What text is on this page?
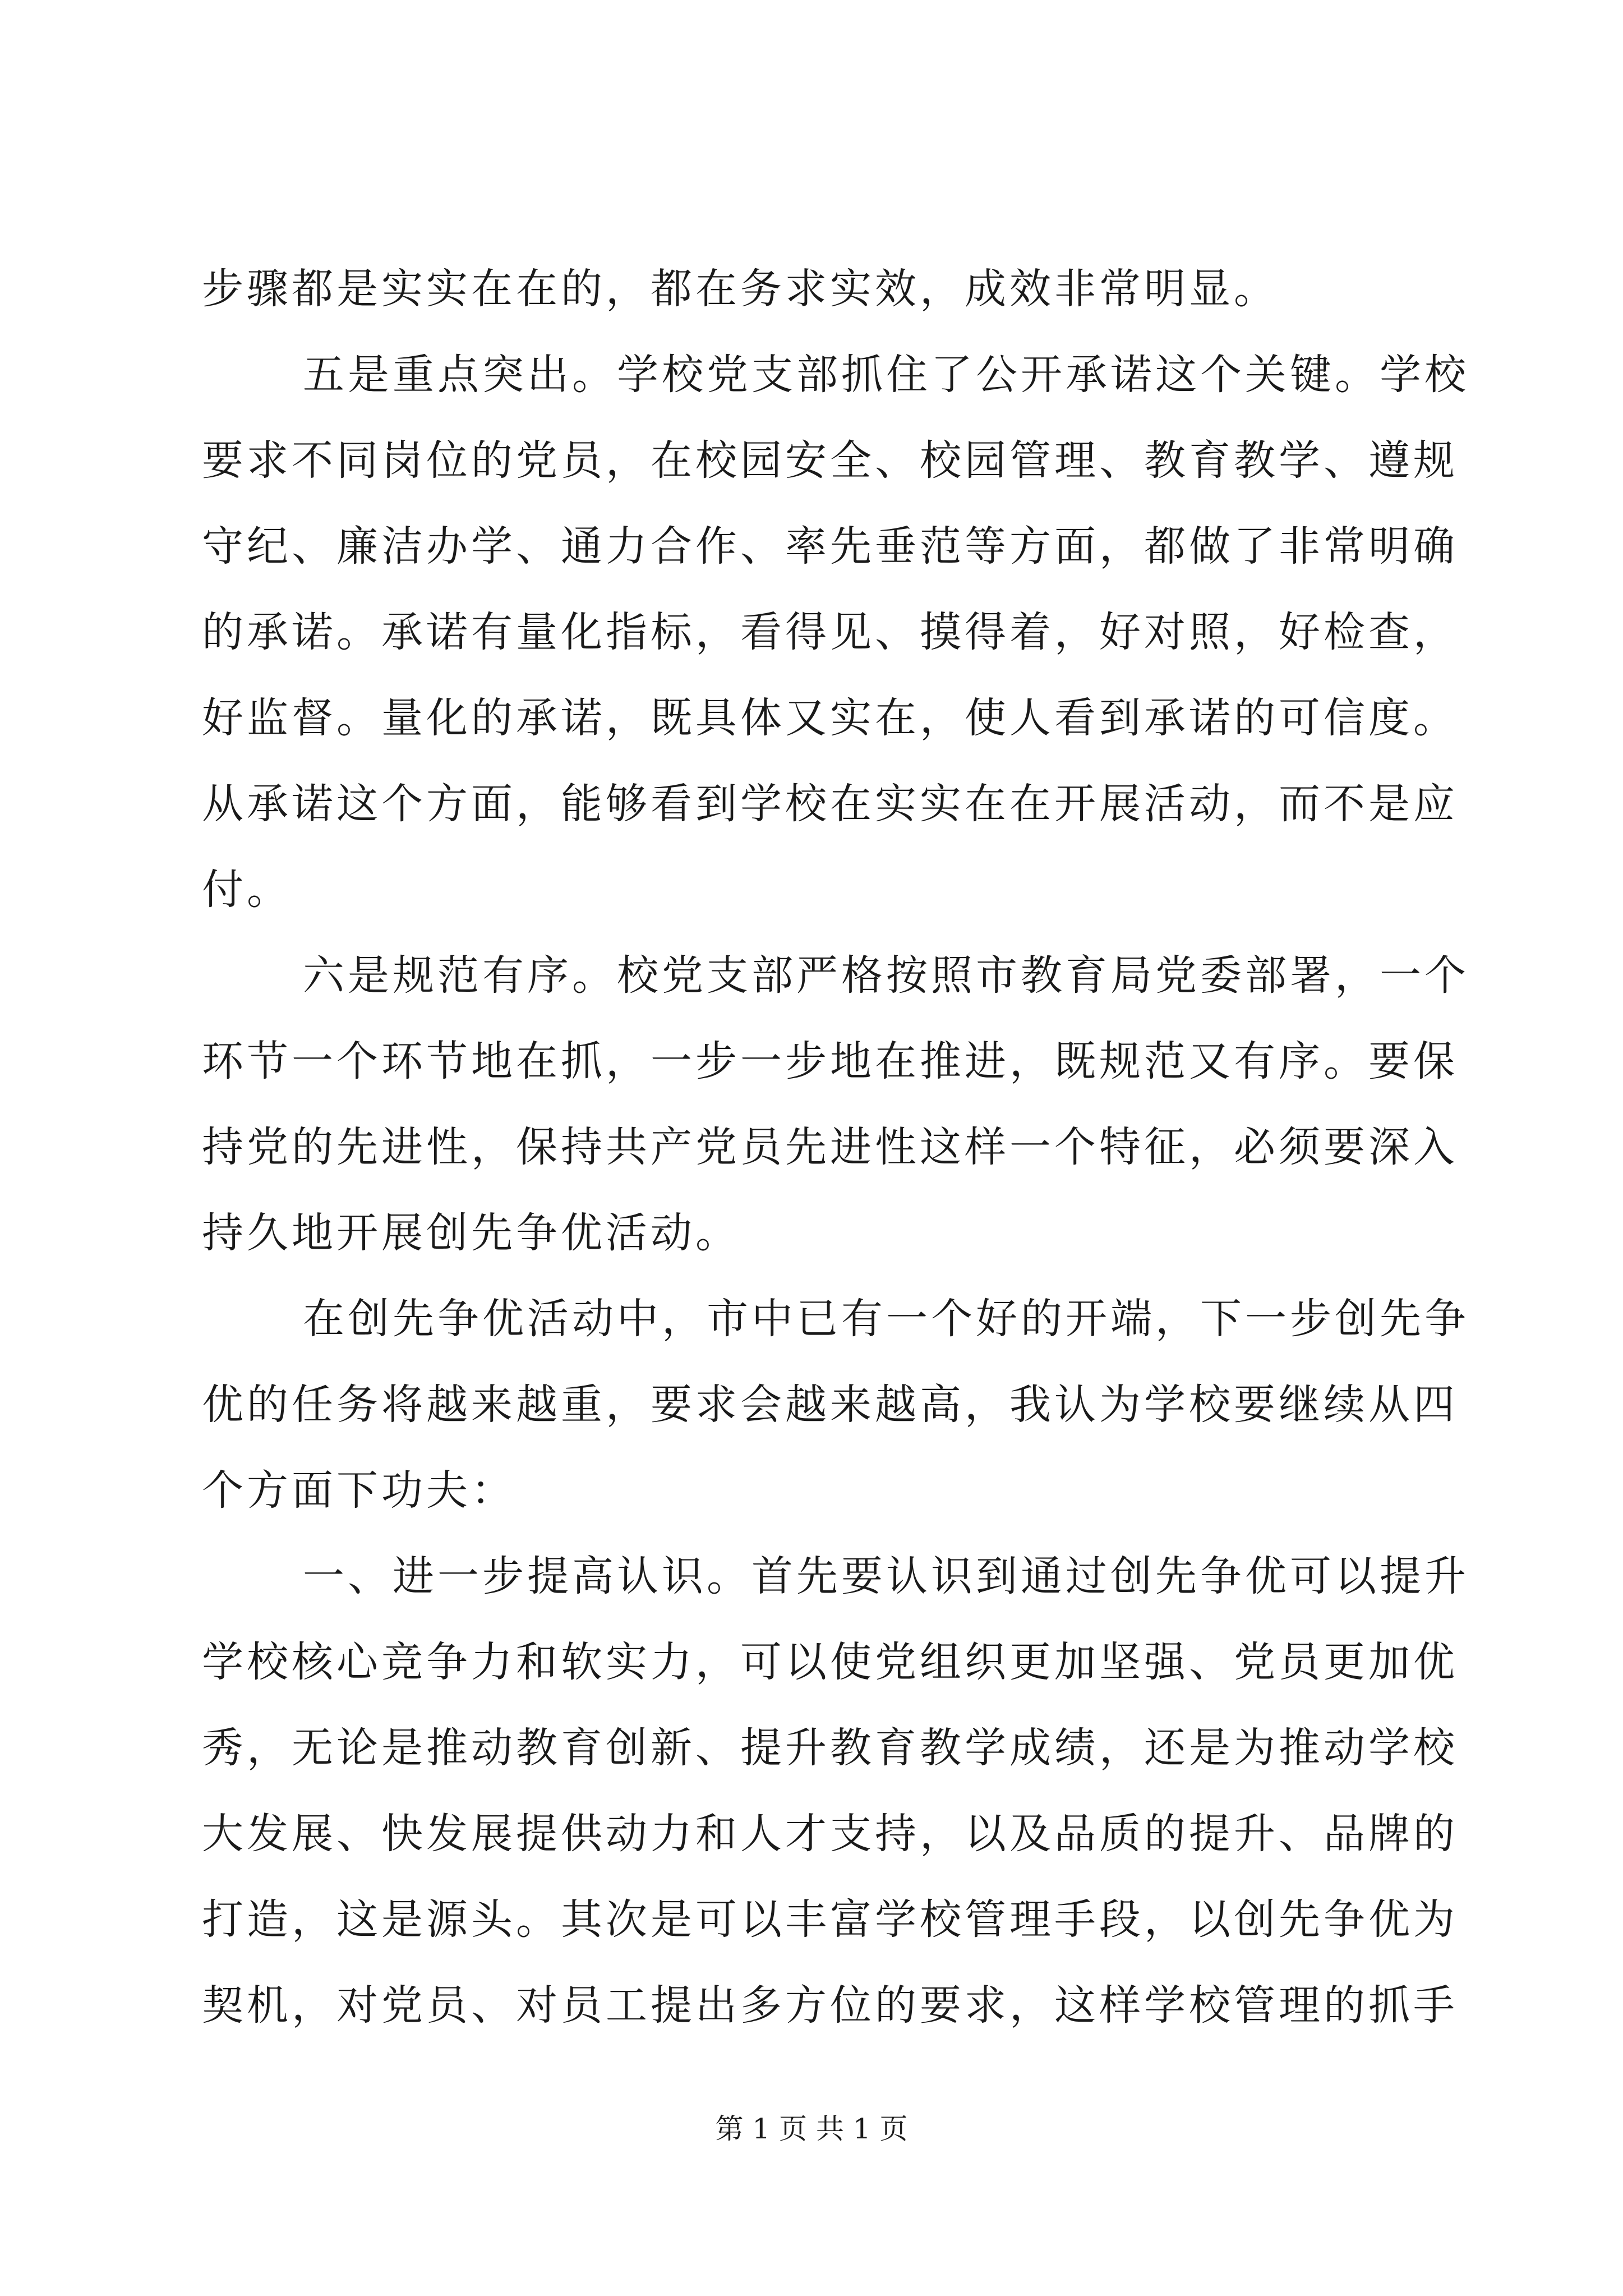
步骤都是实实在在的，都在务求实效，成效非常明显。
五是重点突出。学校党支部抓住了公开承诺这个关键。学校
要求不同岗位的党员，在校园安全、校园管理、教育教学、遵规
守纪、廉洁办学、通力合作、率先垂范等方面，都做了非常明确
的承诺。承诺有量化指标，看得见、摸得着，好对照，好检查，
好监督。量化的承诺，既具体又实在，使人看到承诺的可信度。
从承诺这个方面，能够看到学校在实实在在开展活动，而不是应
付。
六是规范有序。校党支部严格按照市教育局党委部署，一个
环节一个环节地在抓，一步一步地在推进，既规范又有序。要保
持党的先进性，保持共产党员先进性这样一个特征，必须要深入
持久地开展创先争优活动。
在创先争优活动中，市中已有一个好的开端，下一步创先争
优的任务将越来越重，要求会越来越高，我认为学校要继续从四
个方面下功夫：
一、进一步提高认识。首先要认识到通过创先争优可以提升
学校核心竞争力和软实力，可以使党组织更加坚强、党员更加优
秀，无论是推动教育创新、提升教育教学成绩，还是为推动学校
大发展、快发展提供动力和人才支持，以及品质的提升、品牌的
打造，这是源头。其次是可以丰富学校管理手段，以创先争优为
契机，对党员、对员工提出多方位的要求，这样学校管理的抓手
第 1 页 共 1 页
